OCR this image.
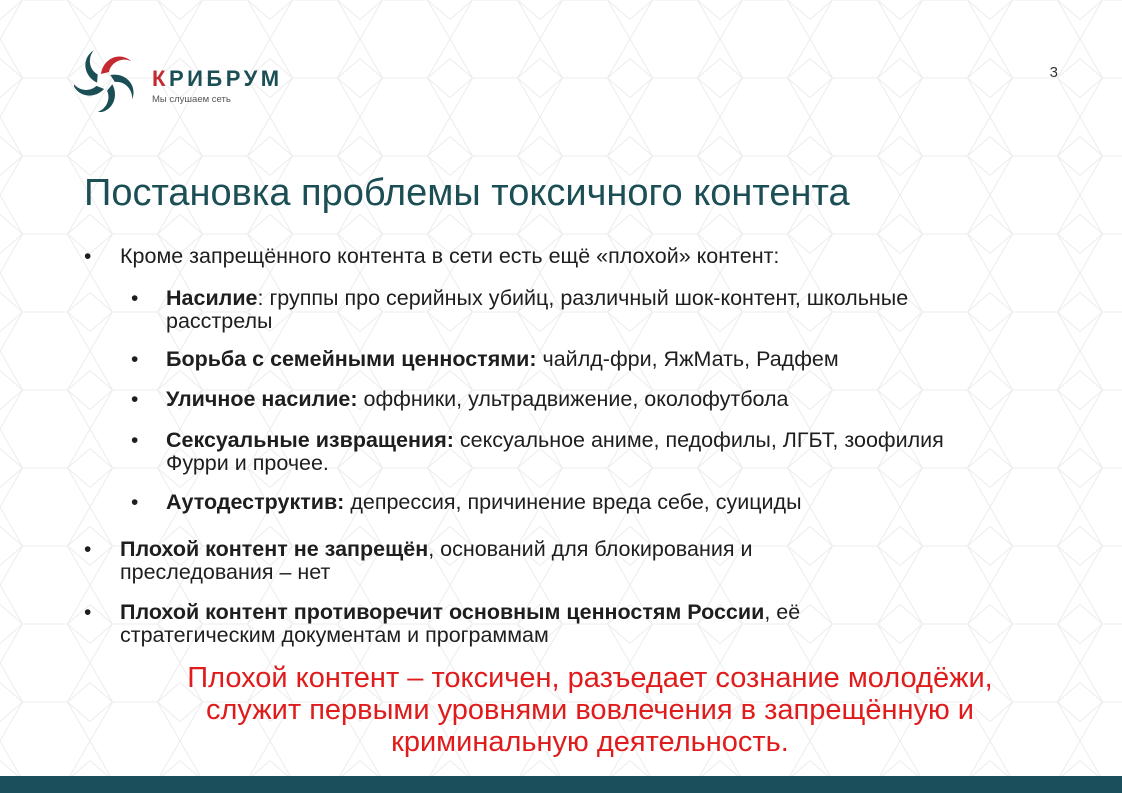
КРИБРУМ
Мы слушаем сеть
3
Постановка проблемы токсичного контента
• Кроме запрещённого контента в сети есть ещё «плохой» контент:
• Насилие: группы про серийных убийц, различный шок-контент, школьные
расстрелы
• Борьба с семейными ценностями: чайлд-фри, ЯжМать, Радфем
• Уличное насилие: оффники, ультрадвижение, околофутбола
• Сексуальные извращения: сексуальное аниме, педофилы, ЛГБТ, зоофилия
Фурри и прочее.
• Аутодеструктив: депрессия, причинение вреда себе, суициды
• Плохой контент не запрещён, оснований для блокирования и
преследования – нет
• Плохой контент противоречит основным ценностям России, её
стратегическим документам и программам
Плохой контент – токсичен, разъедает сознание молодёжи,
служит первыми уровнями вовлечения в запрещённую и
криминальную деятельность.
